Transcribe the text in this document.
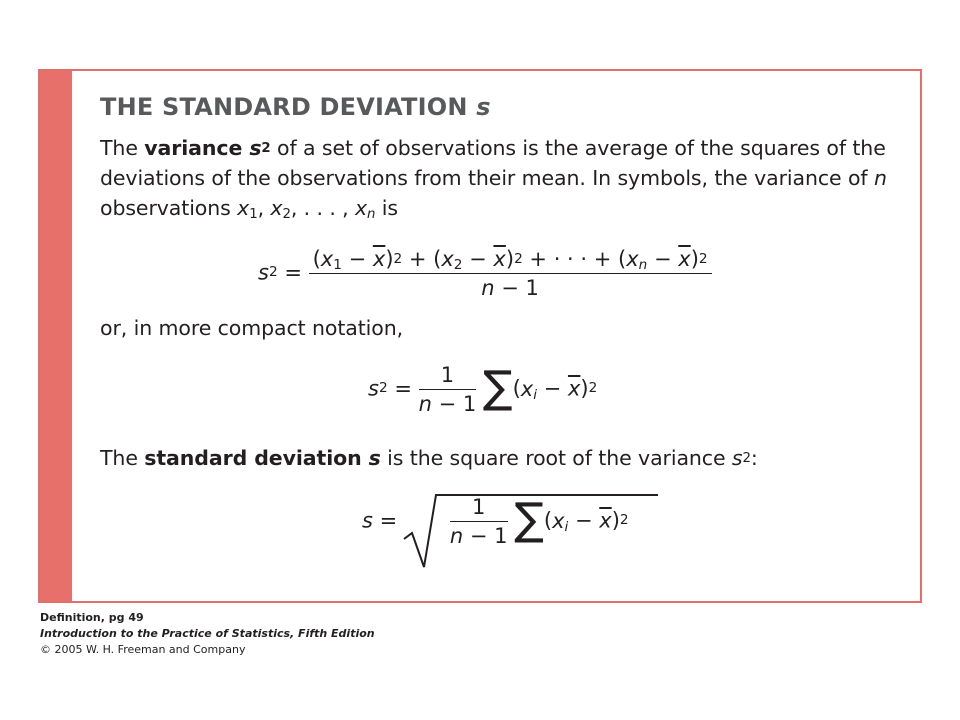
THE STANDARD DEVIATION s
The variance $s^2$ of a set of observations is the average of the squares of the deviations of the observations from their mean. In symbols, the variance of n observations $x_1$, $x_2$, . . . , $x_n$ is
$s^2 = \frac{(x_1 - \overline{x})^2 + (x_2 - \overline{x})^2 + \cdot \cdot \cdot + (x_n - \overline{x})^2}{n - 1}$
or, in more compact notation,
$s^2 = \frac{1}{n - 1} \sum(x_i - \overline{x})^2$
The standard deviation s is the square root of the variance $s^2$:
$s = \frac{1}{n - 1} \sum(x_i - \overline{x})^2$
Definition, pg 49
Introduction to the Practice of Statistics, Fifth Edition
© 2005 W. H. Freeman and Company
